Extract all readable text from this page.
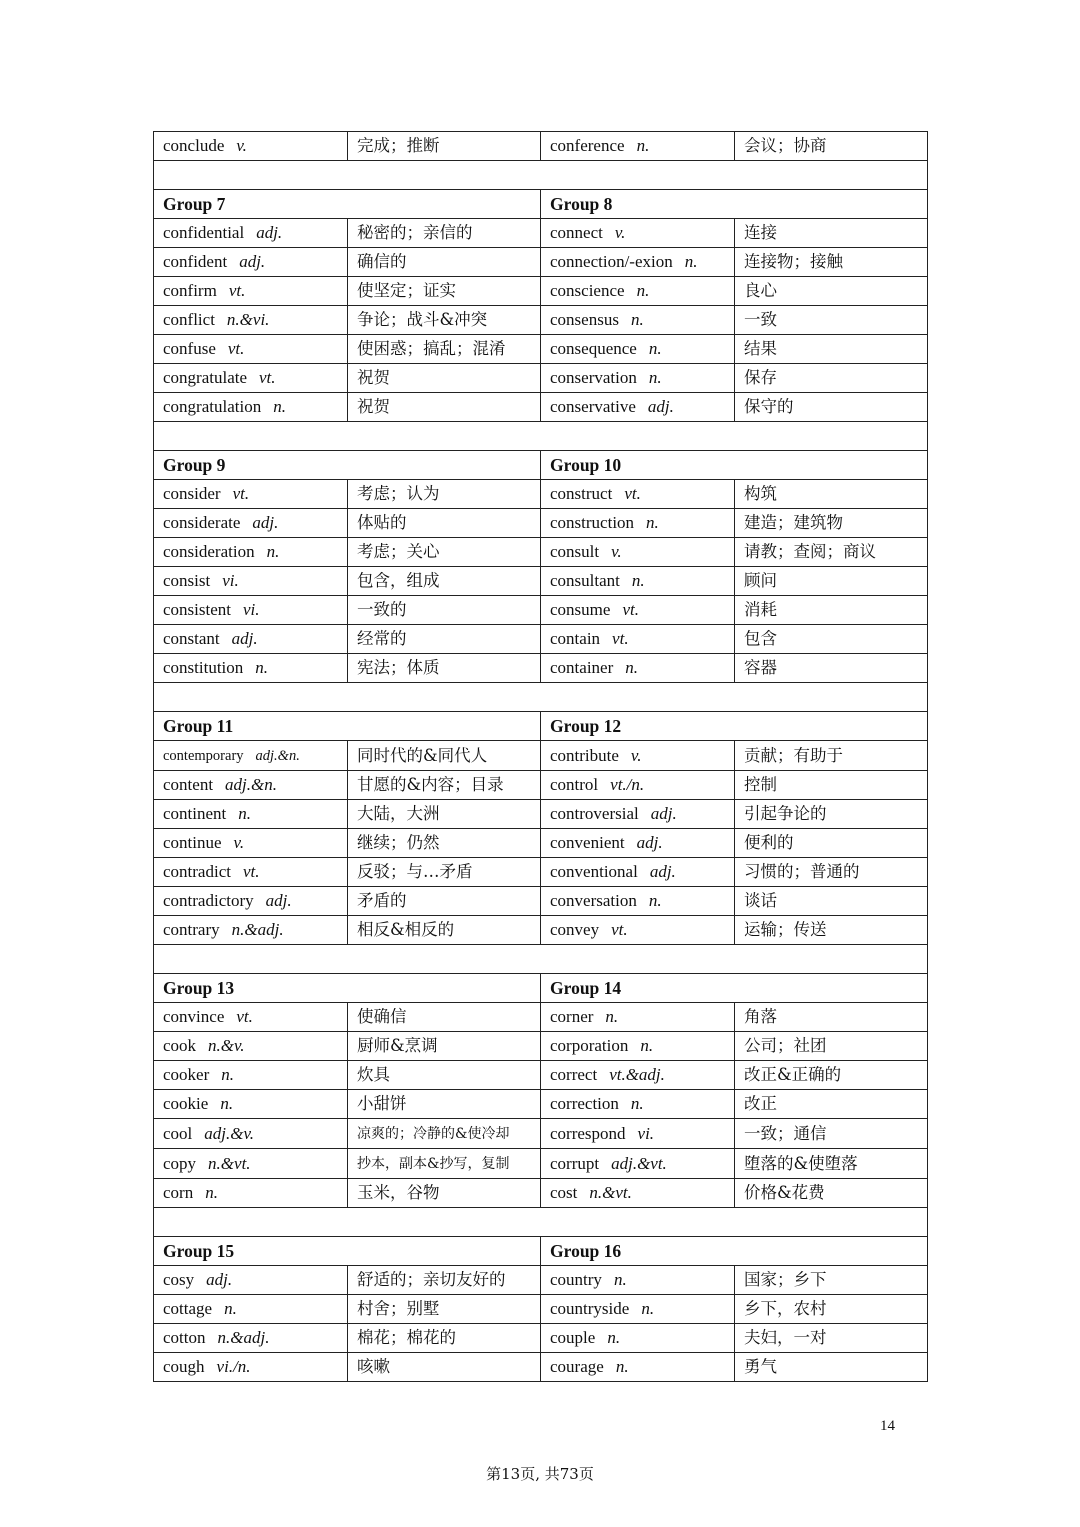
conclude v.	完成；推断	conference n.	会议；协商

Group 7		Group 8	
confidential adj.	秘密的；亲信的	connect v.	连接
confident adj.	确信的	connection/-exion n.	连接物；接触
confirm vt.	使坚定；证实	conscience n.	良心
conflict n.&vi.	争论；战斗&冲突	consensus n.	一致
confuse vt.	使困惑；搞乱；混淆	consequence n.	结果
congratulate vt.	祝贺	conservation n.	保存
congratulation n.	祝贺	conservative adj.	保守的

Group 9		Group 10	
consider vt.	考虑；认为	construct vt.	构筑
considerate adj.	体贴的	construction n.	建造；建筑物
consideration n.	考虑；关心	consult v.	请教；查阅；商议
consist vi.	包含，组成	consultant n.	顾问
consistent vi.	一致的	consume vt.	消耗
constant adj.	经常的	contain vt.	包含
constitution n.	宪法；体质	container n.	容器

Group 11		Group 12	
contemporary adj.&n.	同时代的&同代人	contribute v.	贡献；有助于
content adj.&n.	甘愿的&内容；目录	control vt./n.	控制
continent n.	大陆，大洲	controversial adj.	引起争论的
continue v.	继续；仍然	convenient adj.	便利的
contradict vt.	反驳；与…矛盾	conventional adj.	习惯的；普通的
contradictory adj.	矛盾的	conversation n.	谈话
contrary n.&adj.	相反&相反的	convey vt.	运输；传送

Group 13		Group 14	
convince vt.	使确信	corner n.	角落
cook n.&v.	厨师&烹调	corporation n.	公司；社团
cooker n.	炊具	correct vt.&adj.	改正&正确的
cookie n.	小甜饼	correction n.	改正
cool adj.&v.	凉爽的；冷静的&使冷却	correspond vi.	一致；通信
copy n.&vt.	抄本，副本&抄写，复制	corrupt adj.&vt.	堕落的&使堕落
corn n.	玉米，谷物	cost n.&vt.	价格&花费

Group 15		Group 16	
cosy adj.	舒适的；亲切友好的	country n.	国家；乡下
cottage n.	村舍；别墅	countryside n.	乡下，农村
cotton n.&adj.	棉花；棉花的	couple n.	夫妇，一对
cough vi./n.	咳嗽	courage n.	勇气
14
第13页, 共73页
